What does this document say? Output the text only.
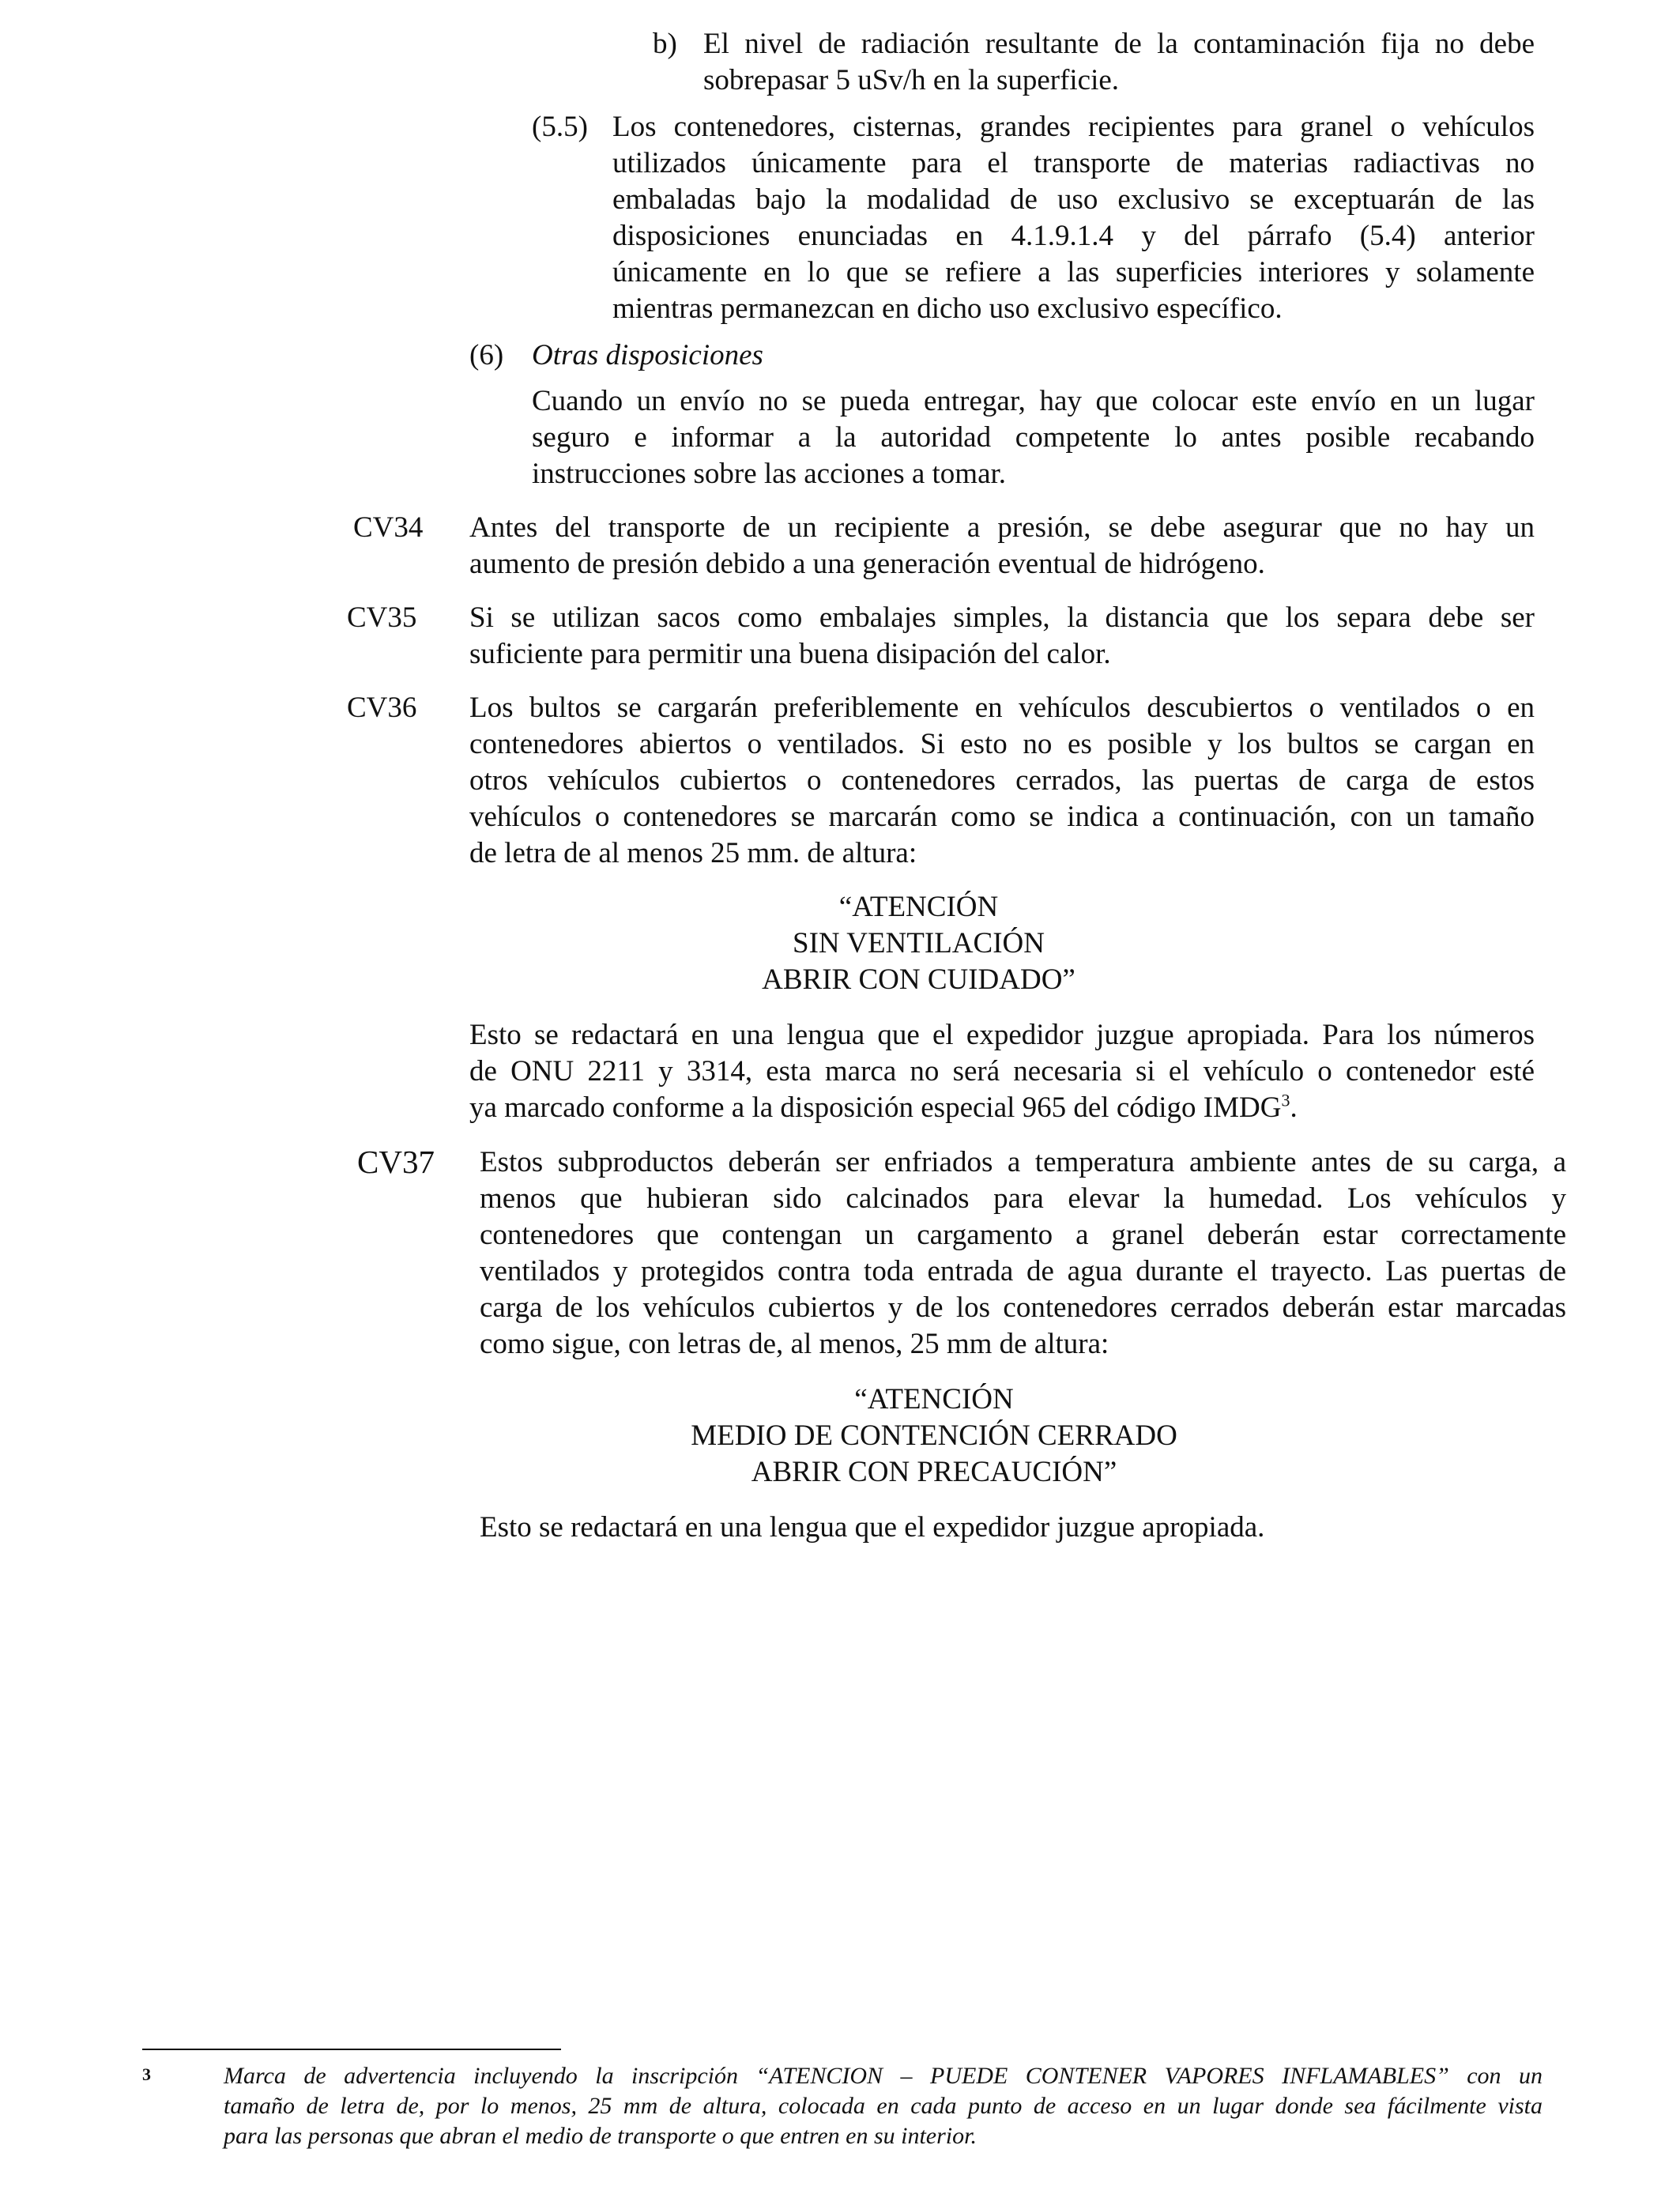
b) El nivel de radiación resultante de la contaminación fija no debe
sobrepasar 5 uSv/h en la superficie.
(5.5) Los contenedores, cisternas, grandes recipientes para granel o vehículos
utilizados únicamente para el transporte de materias radiactivas no
embaladas bajo la modalidad de uso exclusivo se exceptuarán de las
disposiciones enunciadas en 4.1.9.1.4 y del párrafo (5.4) anterior
únicamente en lo que se refiere a las superficies interiores y solamente
mientras permanezcan en dicho uso exclusivo específico.
(6) Otras disposiciones
Cuando un envío no se pueda entregar, hay que colocar este envío en un lugar
seguro e informar a la autoridad competente lo antes posible recabando
instrucciones sobre las acciones a tomar.
CV34 Antes del transporte de un recipiente a presión, se debe asegurar que no hay un
aumento de presión debido a una generación eventual de hidrógeno.
CV35 Si se utilizan sacos como embalajes simples, la distancia que los separa debe ser
suficiente para permitir una buena disipación del calor.
CV36 Los bultos se cargarán preferiblemente en vehículos descubiertos o ventilados o en
contenedores abiertos o ventilados. Si esto no es posible y los bultos se cargan en
otros vehículos cubiertos o contenedores cerrados, las puertas de carga de estos
vehículos o contenedores se marcarán como se indica a continuación, con un tamaño
de letra de al menos 25 mm. de altura:
“ATENCIÓN
SIN VENTILACIÓN
ABRIR CON CUIDADO”
Esto se redactará en una lengua que el expedidor juzgue apropiada. Para los números
de ONU 2211 y 3314, esta marca no será necesaria si el vehículo o contenedor esté
ya marcado conforme a la disposición especial 965 del código IMDG$^3$.
CV37 Estos subproductos deberán ser enfriados a temperatura ambiente antes de su carga, a
menos que hubieran sido calcinados para elevar la humedad. Los vehículos y
contenedores que contengan un cargamento a granel deberán estar correctamente
ventilados y protegidos contra toda entrada de agua durante el trayecto. Las puertas de
carga de los vehículos cubiertos y de los contenedores cerrados deberán estar marcadas
como sigue, con letras de, al menos, 25 mm de altura:
“ATENCIÓN
MEDIO DE CONTENCIÓN CERRADO
ABRIR CON PRECAUCIÓN”
Esto se redactará en una lengua que el expedidor juzgue apropiada.
3	Marca de advertencia incluyendo la inscripción “ATENCION – PUEDE CONTENER VAPORES INFLAMABLES” con un
tamaño de letra de, por lo menos, 25 mm de altura, colocada en cada punto de acceso en un lugar donde sea fácilmente vista
para las personas que abran el medio de transporte o que entren en su interior.
